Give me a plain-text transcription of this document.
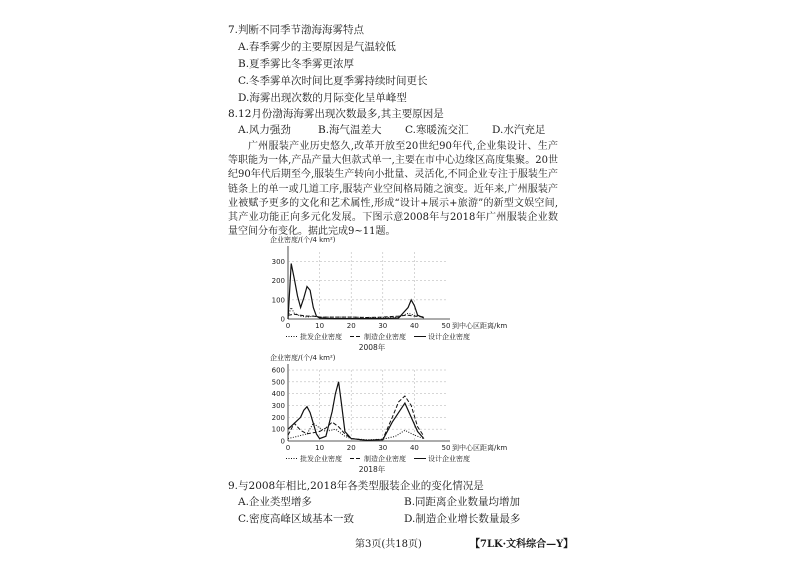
7.判断不同季节渤海海雾特点
A.春季雾少的主要原因是气温较低
B.夏季雾比冬季雾更浓厚
C.冬季雾单次时间比夏季雾持续时间更长
D.海雾出现次数的月际变化呈单峰型
8.12月份渤海海雾出现次数最多,其主要原因是
A.风力强劲	B.海气温差大 C.寒暖流交汇 D.水汽充足
广州服装产业历史悠久,改革开放至20世纪90年代,企业集设计、生产等职能为一体,产品产量大但款式单一,主要在市中心边缘区高度集聚。20世纪90年代后期至今,服装生产转向小批量、灵活化,不同企业专注于服装生产链条上的单一或几道工序,服装产业空间格局随之演变。近年来,广州服装产业被赋予更多的文化和艺术属性,形成“设计+展示+旅游”的新型文娱空间,其产业功能正向多元化发展。下图示意2008年与2018年广州服装企业数量空间分布变化。据此完成9~11题。
企业密度/(个/4 km²)
0
100
200
300
0	10	20	30	40	50 到中心区距离/km
批发企业密度	制造企业密度	设计企业密度
2008年
企业密度/(个/4 km²)
0
100
200
300
400
500
600
0	10	20	30	40	50 到中心区距离/km
批发企业密度	制造企业密度	设计企业密度
2018年
9.与2008年相比,2018年各类型服装企业的变化情况是
A.企业类型增多	B.同距离企业数量均增加
C.密度高峰区域基本一致	D.制造企业增长数量最多
第3页(共18页)	【7LK·文科综合—Y】
